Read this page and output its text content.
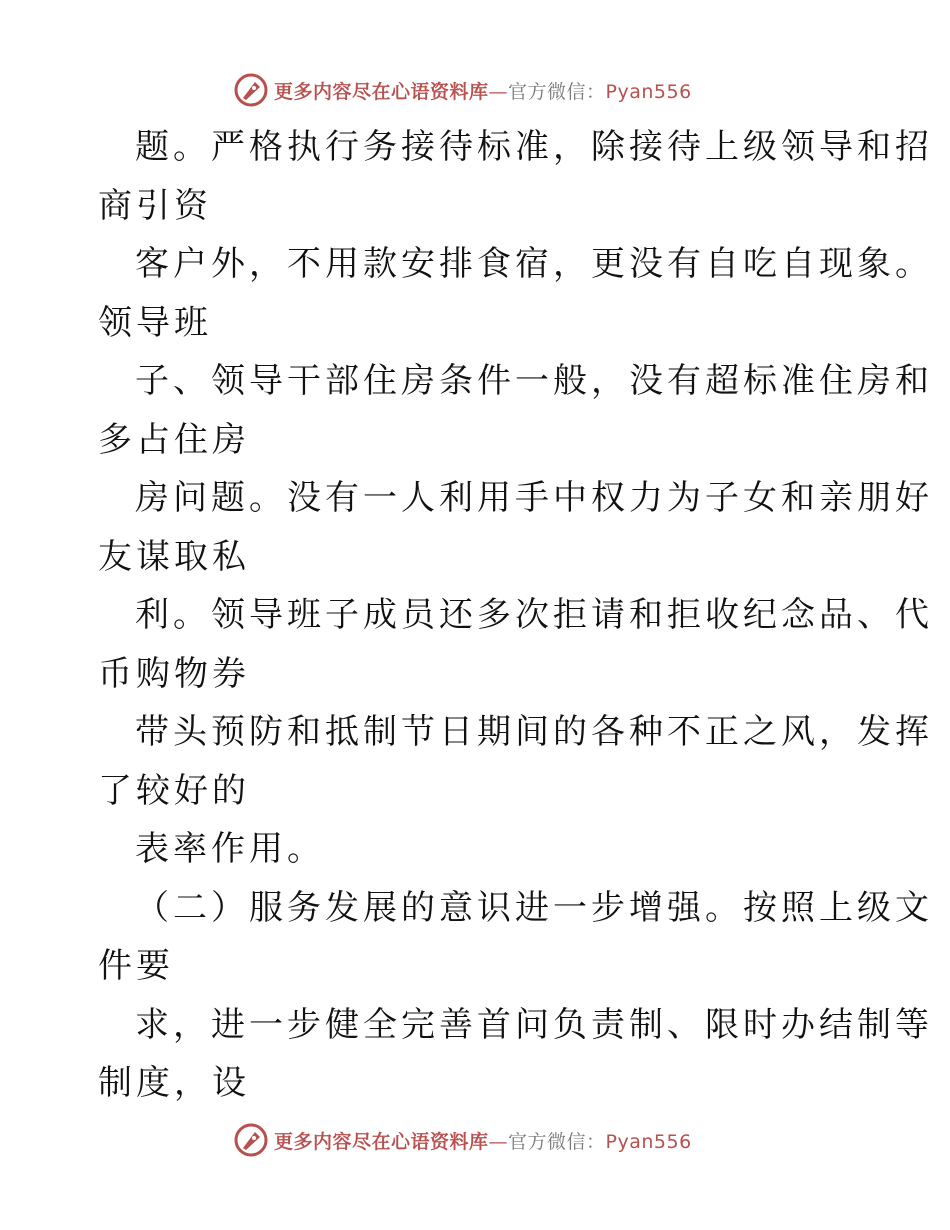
更多内容尽在心语资料库—官方微信：Pyan556
题。严格执行务接待标准，除接待上级领导和招
商引资
客户外，不用款安排食宿，更没有自吃自现象。
领导班
子、领导干部住房条件一般，没有超标准住房和
多占住房
房问题。没有一人利用手中权力为子女和亲朋好
友谋取私
利。领导班子成员还多次拒请和拒收纪念品、代
币购物券
带头预防和抵制节日期间的各种不正之风，发挥
了较好的
表率作用。
（二）服务发展的意识进一步增强。按照上级文
件要
求，进一步健全完善首问负责制、限时办结制等
制度，设
更多内容尽在心语资料库—官方微信：Pyan556
